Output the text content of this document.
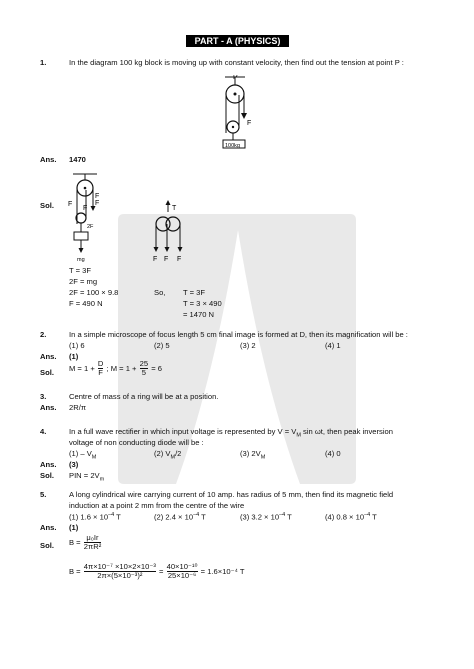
PART - A (PHYSICS)
1.	In the diagram 100 kg block is moving up with constant velocity, then find out the tension at point P :
P
F
100kg
Ans. 1470
Sol.
F
F
F
F
2F
mg
T
F F F
T = 3F
2F = mg
2F = 100 × 9.8
F = 490 N
So, T = 3F
T = 3 × 490
= 1470 N
2.	In a simple microscope of focus length 5 cm final image is formed at D, then its magnification will be :
(1) 6	(2) 5	(3) 2	(4) 1
Ans. (1)
Sol. $M = 1 + \frac{D}{F}$ ; $M = 1 + \frac{25}{5} = 6$
3.	Centre of mass of a ring will be at a position.
Ans. 2R/π
4.	In a full wave rectifier in which input voltage is represented by $V = V_M$ sin ωt, then peak inversion
voltage of non conducting diode will be :
$(1) - V_M$	(2) $V_M/2$	(3) $2V_M$	(4) 0
Ans. (3)
Sol. PIN = $2V_m$
5.	A long cylindrical wire carrying current of 10 amp. has radius of 5 mm, then find its magnetic field
induction at a point 2 mm from the centre of the wire
(1) $1.6 \times 10^{-4}$ T	(2) $2.4 \times 10^{-4}$ T	(3) $3.2 \times 10^{-4}$ T	(4) $0.8 \times 10^{-4}$ T
Ans. (1)
Sol. $B = \frac{\text{μ₀Ir}}{\text{2πR²}}$
$B = \frac{\text{4π×10⁻⁷ ×10×2×10⁻³}}{\text{2π×(5×10⁻³)²}} = \frac{\text{40×10⁻¹⁰}}{\text{25×10⁻⁶}} = 1.6\times 10^{-4}$ T
